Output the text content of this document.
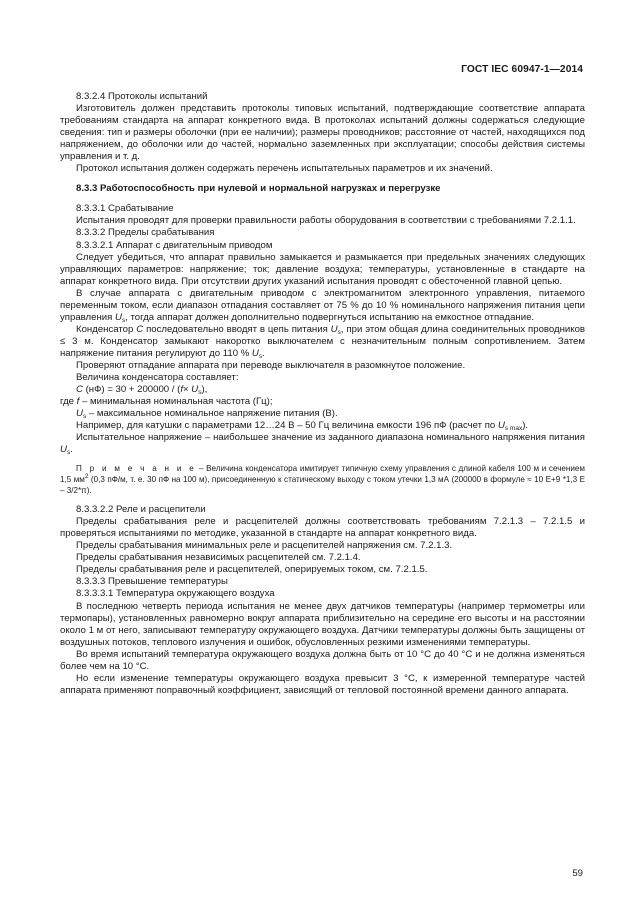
ГОСТ IEC 60947-1—2014

8.3.2.4 Протоколы испытаний

Изготовитель должен представить протоколы типовых испытаний, подтверждающие соответствие аппарата требованиям стандарта на аппарат конкретного вида. В протоколах испытаний должны содержаться следующие сведения: тип и размеры оболочки (при ее наличии); размеры проводников; расстояние от частей, находящихся под напряжением, до оболочки или до частей, нормально заземленных при эксплуатации; способы действия системы управления и т. д.

Протокол испытания должен содержать перечень испытательных параметров и их значений.

8.3.3 Работоспособность при нулевой и нормальной нагрузках и перегрузке

8.3.3.1 Срабатывание

Испытания проводят для проверки правильности работы оборудования в соответствии с требованиями 7.2.1.1.

8.3.3.2 Пределы срабатывания

8.3.3.2.1 Аппарат с двигательным приводом

Следует убедиться, что аппарат правильно замыкается и размыкается при предельных значениях следующих управляющих параметров: напряжение; ток; давление воздуха; температуры, установленные в стандарте на аппарат конкретного вида. При отсутствии других указаний испытания проводят с обесточенной главной цепью.

В случае аппарата с двигательным приводом с электромагнитом электронного управления, питаемого переменным током, если диапазон отпадания составляет от 75 % до 10 % номинального напряжения питания цепи управления $U_s$, тогда аппарат должен дополнительно подвергнуться испытанию на емкостное отпадание.

Конденсатор C последовательно вводят в цепь питания $U_s$, при этом общая длина соединительных проводников ≤ 3 м. Конденсатор замыкают накоротко выключателем с незначительным полным сопротивлением. Затем напряжение питания регулируют до 110 % $U_s$.

Проверяют отпадание аппарата при переводе выключателя в разомкнутое положение.

Величина конденсатора составляет:

C $(нФ) = 30 + 200000 / (f\times U_s)$,

где f – минимальная номинальная частота (Гц);

$U_s$ – максимальное номинальное напряжение питания (В).

Например, для катушки с параметрами 12…24 В – 50 Гц величина емкости 196 пФ (расчет по $U_{s max}$).

Испытательное напряжение – наибольшее значение из заданного диапазона номинального напряжения питания $U_s$.

П р и м е ч а н и е – Величина конденсатора имитирует типичную схему управления с длиной кабеля 100 м и сечением 1,5 $мм^2$ (0,3 пФ/м, т. е. 30 пФ на 100 м), присоединенную к статическому выходу с током утечки 1,3 мА (200000 в формуле ≈ 10 E+9 *1,3 E – 3/2*π).

8.3.3.2.2 Реле и расцепители

Пределы срабатывания реле и расцепителей должны соответствовать требованиям 7.2.1.3 – 7.2.1.5 и проверяться испытаниями по методике, указанной в стандарте на аппарат конкретного вида.

Пределы срабатывания минимальных реле и расцепителей напряжения см. 7.2.1.3.

Пределы срабатывания независимых расцепителей см. 7.2.1.4.

Пределы срабатывания реле и расцепителей, оперируемых током, см. 7.2.1.5.

8.3.3.3 Превышение температуры

8.3.3.3.1 Температура окружающего воздуха

В последнюю четверть периода испытания не менее двух датчиков температуры (например термометры или термопары), установленных равномерно вокруг аппарата приблизительно на середине его высоты и на расстоянии около 1 м от него, записывают температуру окружающего воздуха. Датчики температуры должны быть защищены от воздушных потоков, теплового излучения и ошибок, обусловленных резкими изменениями температуры.

Во время испытаний температура окружающего воздуха должна быть от 10 °C до 40 °C и не должна изменяться более чем на 10 °C.

Но если изменение температуры окружающего воздуха превысит 3 °C, к измеренной температуре частей аппарата применяют поправочный коэффициент, зависящий от тепловой постоянной времени данного аппарата.

59
